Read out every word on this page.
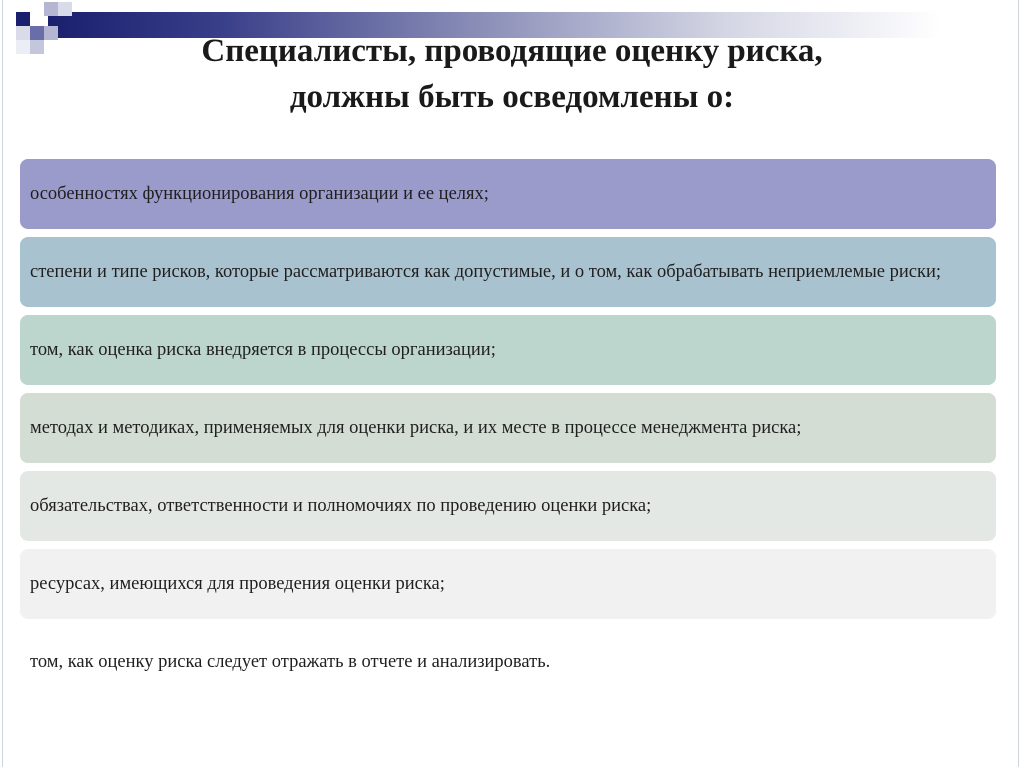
Специалисты, проводящие оценку риска,
должны быть осведомлены о:
особенностях функционирования организации и ее целях;
степени и типе рисков, которые рассматриваются как допустимые, и о том, как обрабатывать неприемлемые риски;
том, как оценка риска внедряется в процессы организации;
методах и методиках, применяемых для оценки риска, и их месте в процессе менеджмента риска;
обязательствах, ответственности и полномочиях по проведению оценки риска;
ресурсах, имеющихся для проведения оценки риска;
том, как оценку риска следует отражать в отчете и анализировать.
